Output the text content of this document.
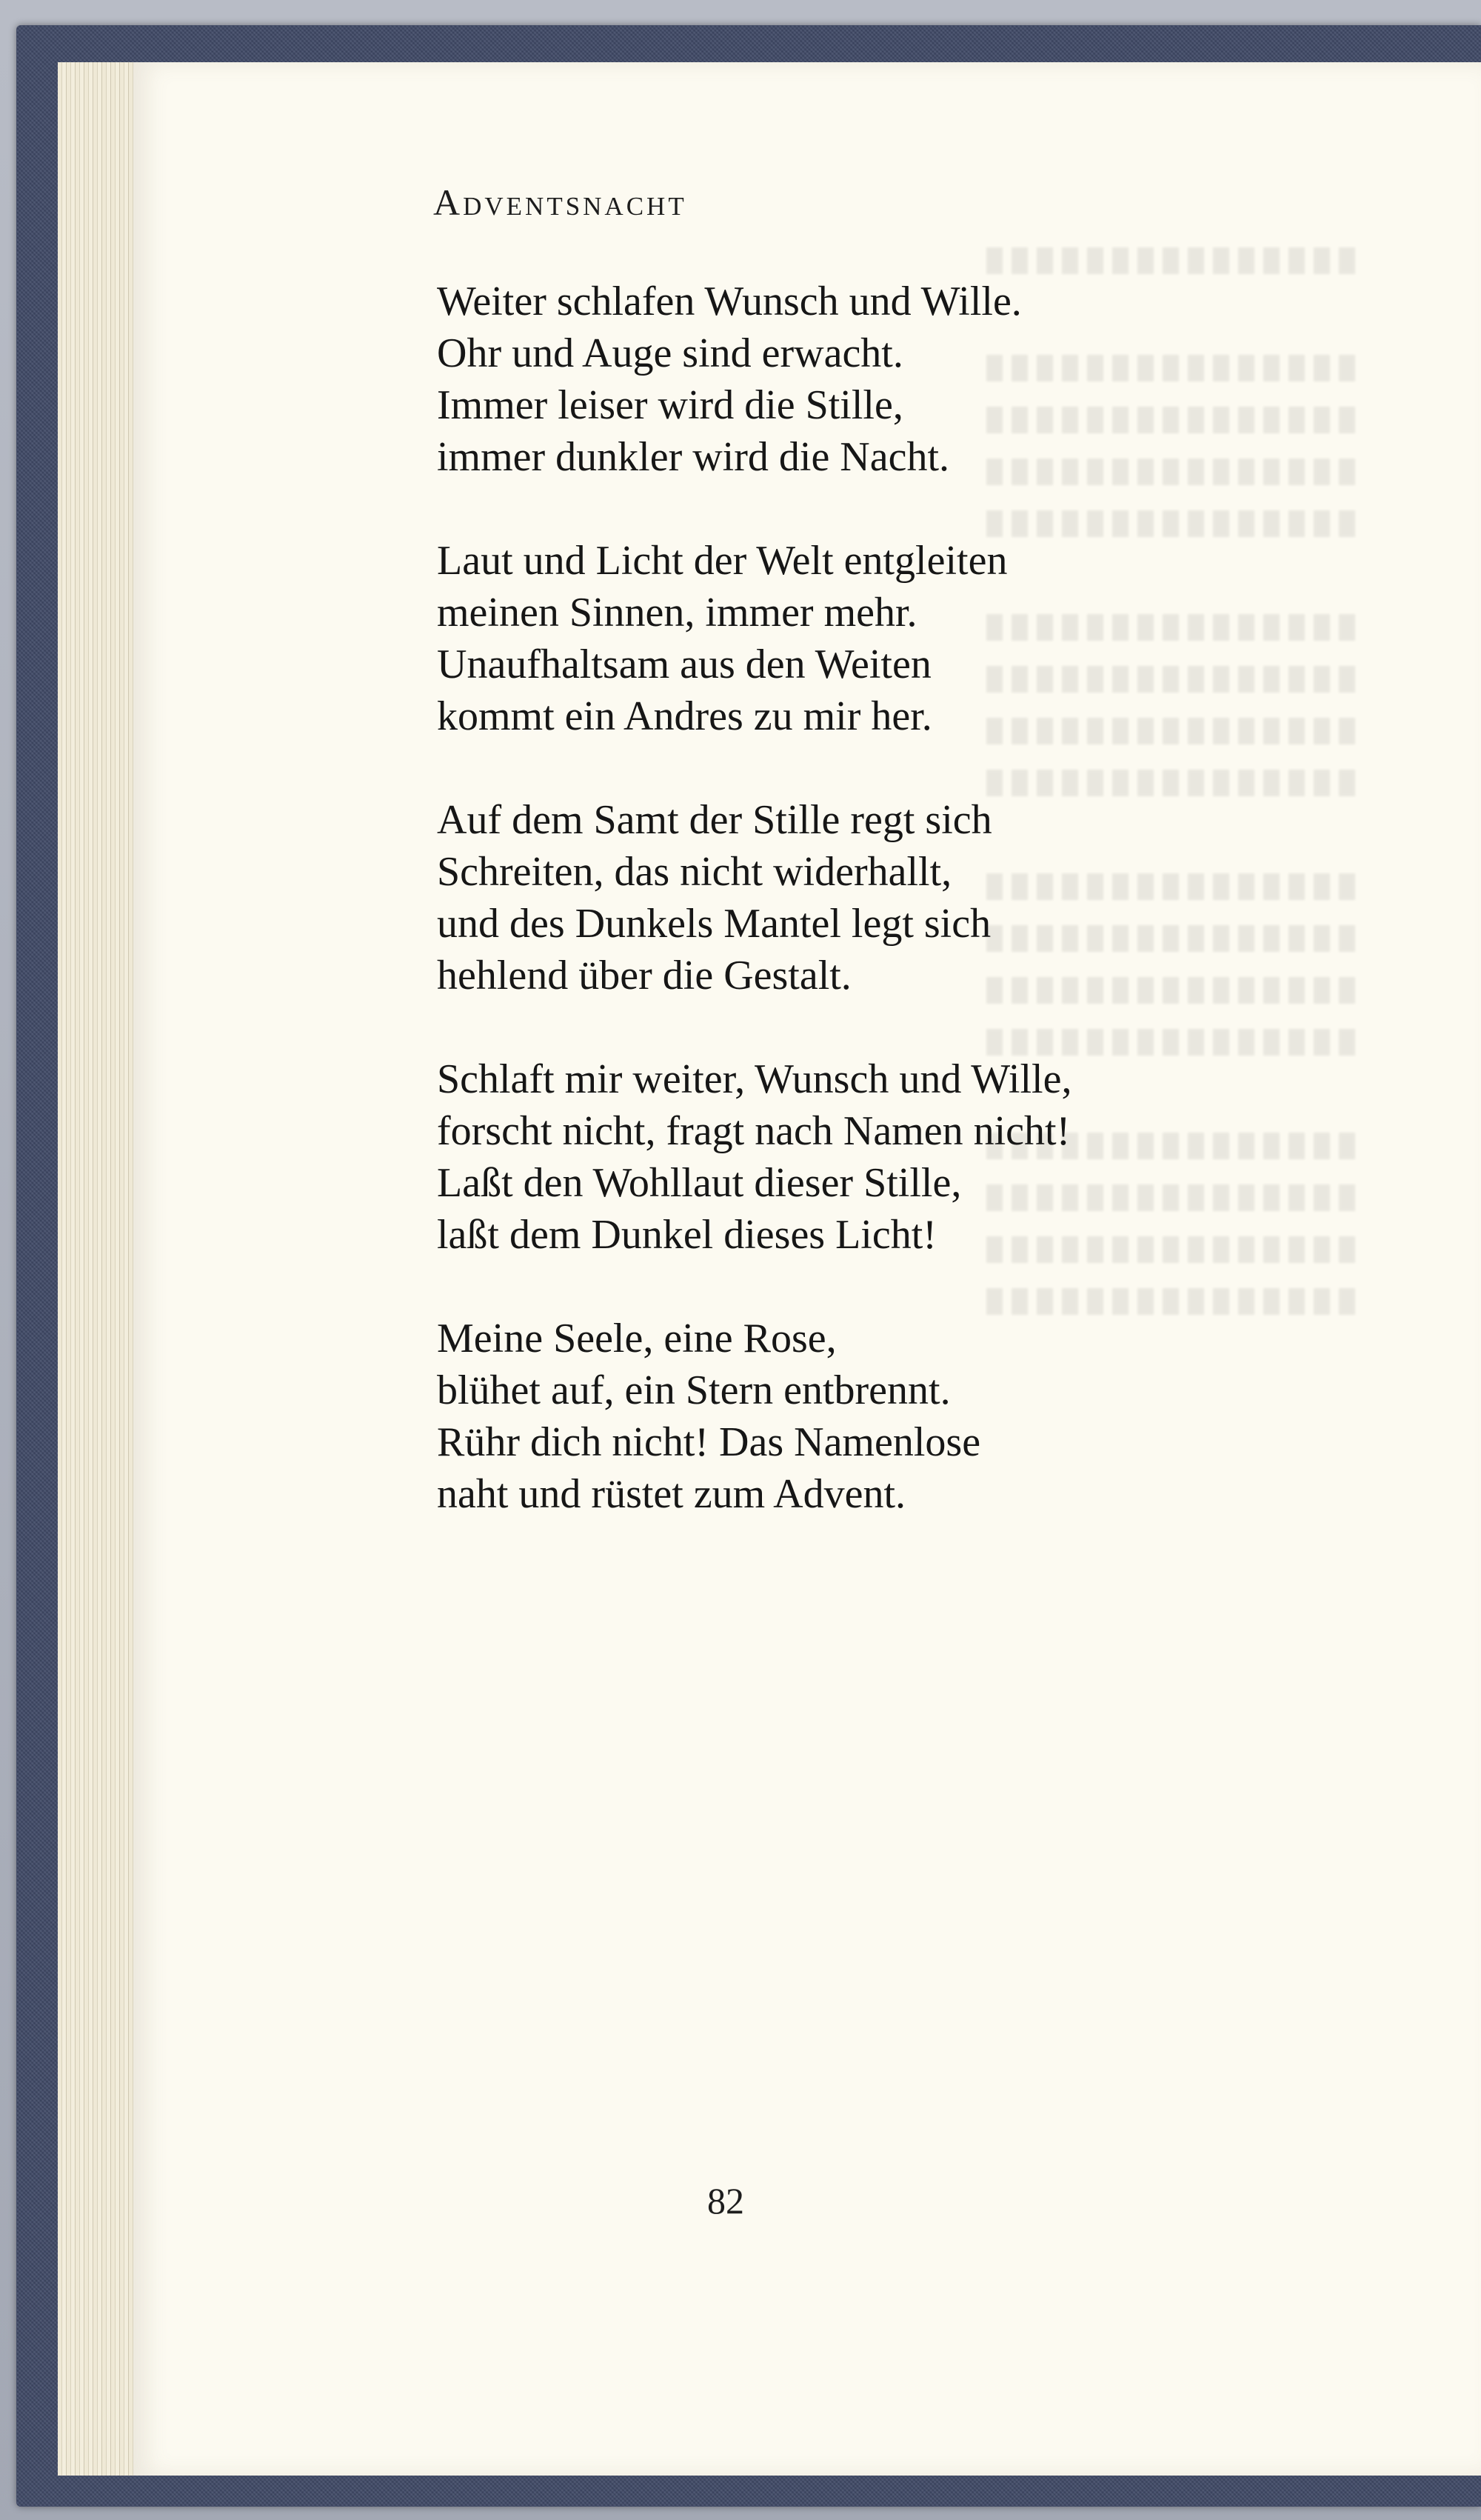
Adventsnacht
Weiter schlafen Wunsch und Wille.
Ohr und Auge sind erwacht.
Immer leiser wird die Stille,
immer dunkler wird die Nacht.
Laut und Licht der Welt entgleiten
meinen Sinnen, immer mehr.
Unaufhaltsam aus den Weiten
kommt ein Andres zu mir her.
Auf dem Samt der Stille regt sich
Schreiten, das nicht widerhallt,
und des Dunkels Mantel legt sich
hehlend über die Gestalt.
Schlaft mir weiter, Wunsch und Wille,
forscht nicht, fragt nach Namen nicht!
Laßt den Wohllaut dieser Stille,
laßt dem Dunkel dieses Licht!
Meine Seele, eine Rose,
blühet auf, ein Stern entbrennt.
Rühr dich nicht! Das Namenlose
naht und rüstet zum Advent.
82
